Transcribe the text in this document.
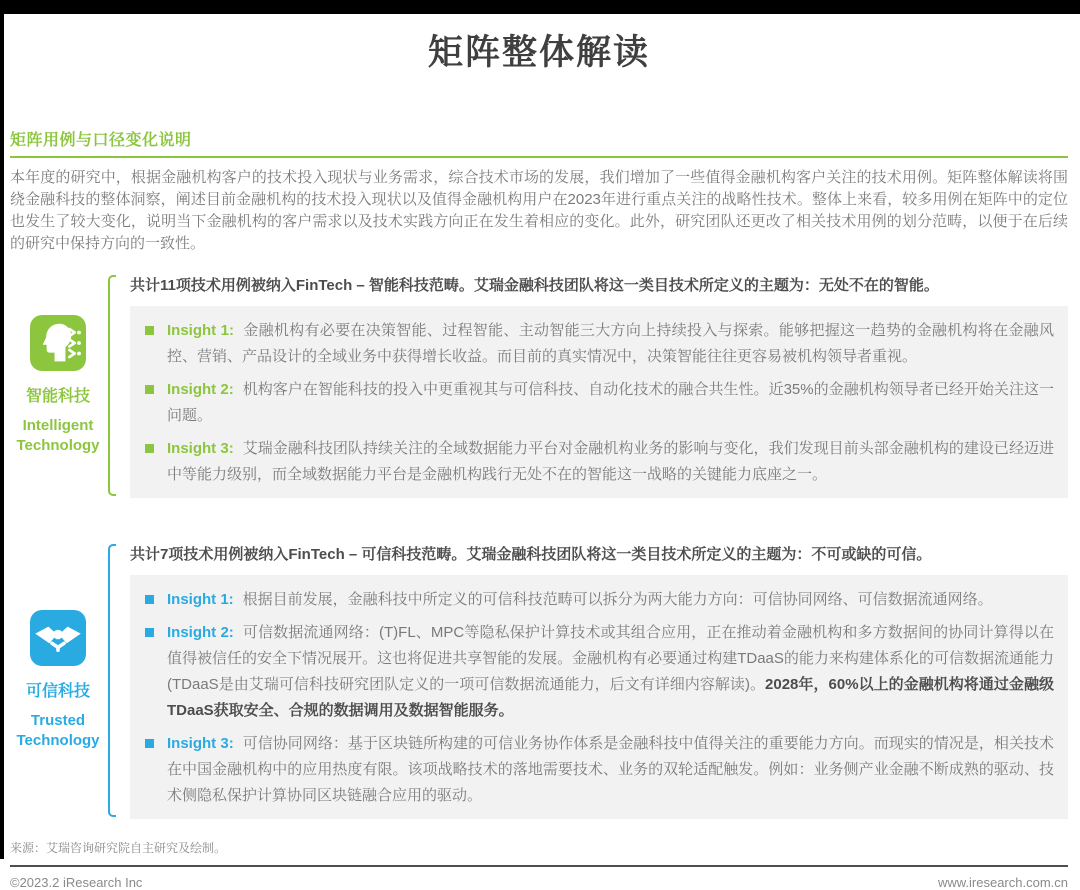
矩阵整体解读
矩阵用例与口径变化说明
本年度的研究中，根据金融机构客户的技术投入现状与业务需求，综合技术市场的发展，我们增加了一些值得金融机构客户关注的技术用例。矩阵整体解读将围绕金融科技的整体洞察，阐述目前金融机构的技术投入现状以及值得金融机构用户在2023年进行重点关注的战略性技术。整体上来看，较多用例在矩阵中的定位也发生了较大变化，说明当下金融机构的客户需求以及技术实践方向正在发生着相应的变化。此外，研究团队还更改了相关技术用例的划分范畴，以便于在后续的研究中保持方向的一致性。
智能科技
Intelligent Technology
共计11项技术用例被纳入FinTech – 智能科技范畴。艾瑞金融科技团队将这一类目技术所定义的主题为：无处不在的智能。
Insight 1: 金融机构有必要在决策智能、过程智能、主动智能三大方向上持续投入与探索。能够把握这一趋势的金融机构将在金融风控、营销、产品设计的全域业务中获得增长收益。而目前的真实情况中，决策智能往往更容易被机构领导者重视。
Insight 2: 机构客户在智能科技的投入中更重视其与可信科技、自动化技术的融合共生性。近35%的金融机构领导者已经开始关注这一问题。
Insight 3: 艾瑞金融科技团队持续关注的全域数据能力平台对金融机构业务的影响与变化，我们发现目前头部金融机构的建设已经迈进中等能力级别，而全域数据能力平台是金融机构践行无处不在的智能这一战略的关键能力底座之一。
可信科技
Trusted Technology
共计7项技术用例被纳入FinTech – 可信科技范畴。艾瑞金融科技团队将这一类目技术所定义的主题为：不可或缺的可信。
Insight 1: 根据目前发展，金融科技中所定义的可信科技范畴可以拆分为两大能力方向：可信协同网络、可信数据流通网络。
Insight 2: 可信数据流通网络：(T)FL、MPC等隐私保护计算技术或其组合应用，正在推动着金融机构和多方数据间的协同计算得以在值得被信任的安全下情况展开。这也将促进共享智能的发展。金融机构有必要通过构建TDaaS的能力来构建体系化的可信数据流通能力(TDaaS是由艾瑞可信科技研究团队定义的一项可信数据流通能力，后文有详细内容解读)。2028年，60%以上的金融机构将通过金融级TDaaS获取安全、合规的数据调用及数据智能服务。
Insight 3: 可信协同网络：基于区块链所构建的可信业务协作体系是金融科技中值得关注的重要能力方向。而现实的情况是，相关技术在中国金融机构中的应用热度有限。该项战略技术的落地需要技术、业务的双轮适配触发。例如：业务侧产业金融不断成熟的驱动、技术侧隐私保护计算协同区块链融合应用的驱动。
来源：艾瑞咨询研究院自主研究及绘制。
©2023.2 iResearch Inc	www.iresearch.com.cn
